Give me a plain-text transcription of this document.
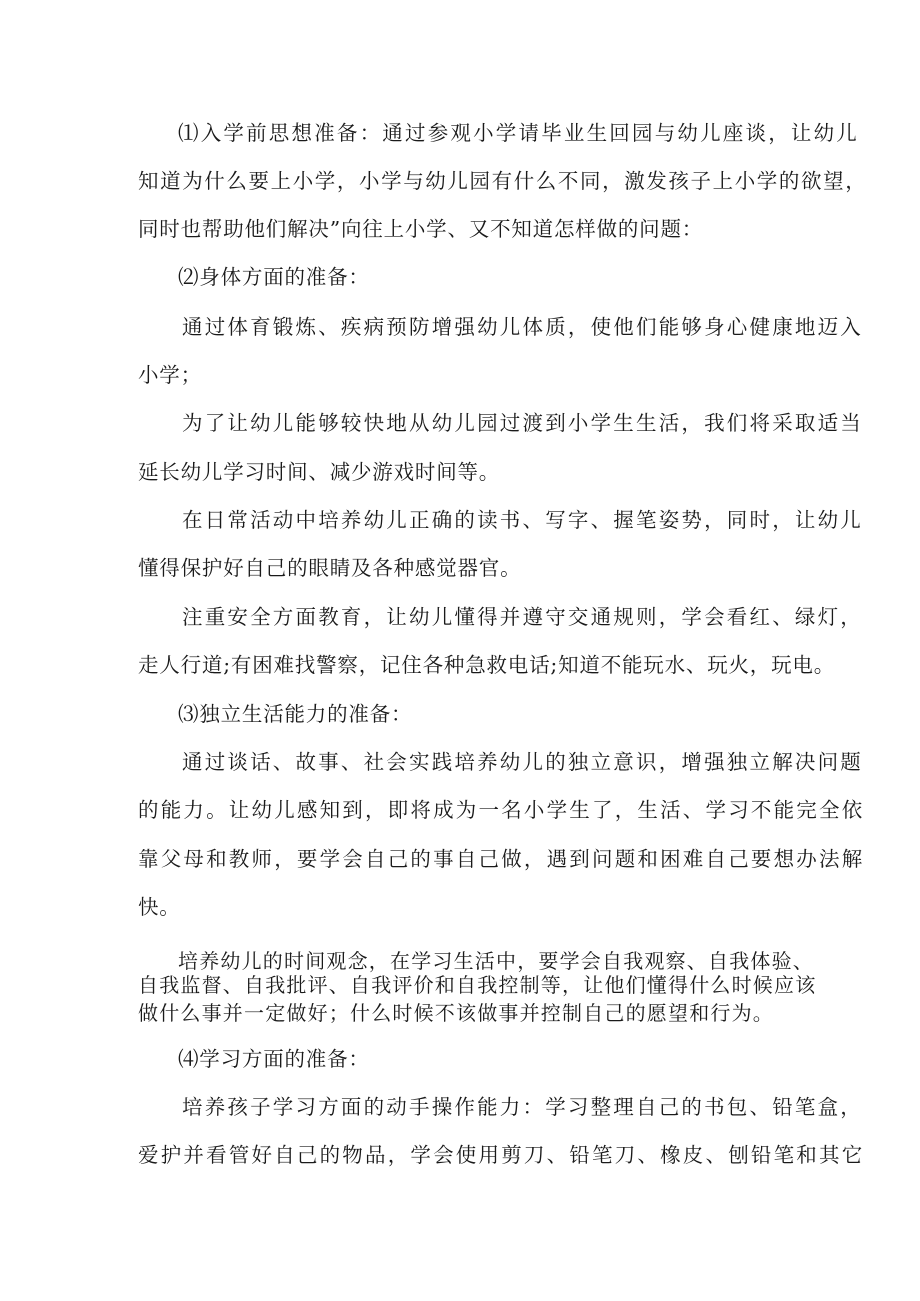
⑴入学前思想准备：通过参观小学请毕业生回园与幼儿座谈，让幼儿
知道为什么要上小学，小学与幼儿园有什么不同，激发孩子上小学的欲望，
同时也帮助他们解决”向往上小学、又不知道怎样做的问题：
⑵身体方面的准备：
通过体育锻炼、疾病预防增强幼儿体质，使他们能够身心健康地迈入
小学；
为了让幼儿能够较快地从幼儿园过渡到小学生生活，我们将采取适当
延长幼儿学习时间、减少游戏时间等。
在日常活动中培养幼儿正确的读书、写字、握笔姿势，同时，让幼儿
懂得保护好自己的眼睛及各种感觉器官。
注重安全方面教育，让幼儿懂得并遵守交通规则，学会看红、绿灯，
走人行道;有困难找警察，记住各种急救电话;知道不能玩水、玩火，玩电。
⑶独立生活能力的准备：
通过谈话、故事、社会实践培养幼儿的独立意识，增强独立解决问题
的能力。让幼儿感知到，即将成为一名小学生了，生活、学习不能完全依
靠父母和教师，要学会自己的事自己做，遇到问题和困难自己要想办法解
快。
培养幼儿的时间观念，在学习生活中，要学会自我观察、自我体验、
自我监督、自我批评、自我评价和自我控制等，让他们懂得什么时候应该
做什么事并一定做好；什么时候不该做事并控制自己的愿望和行为。
⑷学习方面的准备：
培养孩子学习方面的动手操作能力：学习整理自己的书包、铅笔盒，
爱护并看管好自己的物品，学会使用剪刀、铅笔刀、橡皮、刨铅笔和其它
